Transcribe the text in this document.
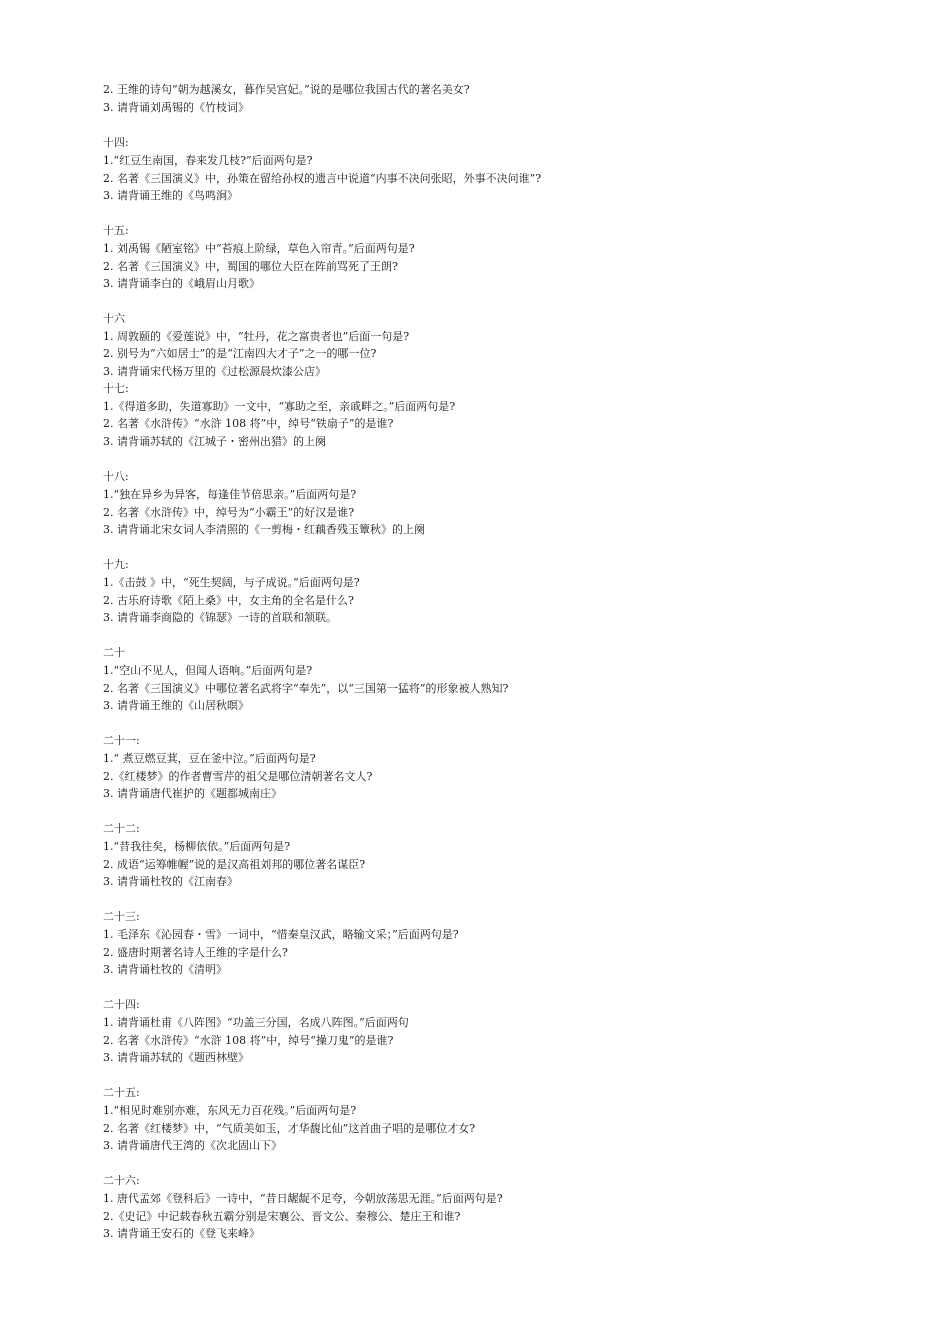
2. 王维的诗句“朝为越溪女，暮作吴宫妃。”说的是哪位我国古代的著名美女?
3. 请背诵刘禹锡的《竹枝词》
十四:
1.“红豆生南国，春来发几枝?”后面两句是?
2. 名著《三国演义》中，孙策在留给孙权的遗言中说道“内事不决问张昭，外事不决问谁”?
3. 请背诵王维的《鸟鸣涧》
十五:
1. 刘禹锡《陋室铭》中“苔痕上阶绿，草色入帘青。”后面两句是?
2. 名著《三国演义》中，蜀国的哪位大臣在阵前骂死了王朗?
3. 请背诵李白的《峨眉山月歌》
十六
1. 周敦颐的《爱莲说》中，“牡丹，花之富贵者也”后面一句是?
2. 别号为“六如居士”的是“江南四大才子”之一的哪一位?
3. 请背诵宋代杨万里的《过松源晨炊漆公店》
十七:
1.《得道多助，失道寡助》一文中，“寡助之至，亲戚畔之。”后面两句是?
2. 名著《水浒传》“水浒 108 将”中，绰号“铁扇子”的是谁?
3. 请背诵苏轼的《江城子・密州出猎》的上阕
十八:
1.“独在异乡为异客，每逢佳节倍思亲。”后面两句是?
2. 名著《水浒传》中，绰号为“小霸王”的好汉是谁?
3. 请背诵北宋女词人李清照的《一剪梅・红藕香残玉簟秋》的上阕
十九:
1.《击鼓 》中，“死生契阔，与子成说。”后面两句是?
2. 古乐府诗歌《陌上桑》中，女主角的全名是什么?
3. 请背诵李商隐的《锦瑟》一诗的首联和颔联。
二十
1.“空山不见人，但闻人语响。”后面两句是?
2. 名著《三国演义》中哪位著名武将字“奉先”，以“三国第一猛将”的形象被人熟知?
3. 请背诵王维的《山居秋暝》
二十一:
1.“ 煮豆燃豆萁，豆在釜中泣。”后面两句是?
2.《红楼梦》的作者曹雪芹的祖父是哪位清朝著名文人?
3. 请背诵唐代崔护的《题都城南庄》
二十二:
1.“昔我往矣，杨柳依依。”后面两句是?
2. 成语“运筹帷幄”说的是汉高祖刘邦的哪位著名谋臣?
3. 请背诵杜牧的《江南春》
二十三:
1. 毛泽东《沁园春・雪》一词中，“惜秦皇汉武，略输文采；”后面两句是?
2. 盛唐时期著名诗人王维的字是什么?
3. 请背诵杜牧的《清明》
二十四:
1. 请背诵杜甫《八阵图》“功盖三分国，名成八阵图。”后面两句
2. 名著《水浒传》“水浒 108 将”中，绰号“操刀鬼”的是谁?
3. 请背诵苏轼的《题西林壁》
二十五:
1.“相见时难别亦难，东风无力百花残。”后面两句是?
2. 名著《红楼梦》中，“气质美如玉，才华馥比仙”这首曲子唱的是哪位才女?
3. 请背诵唐代王湾的《次北固山下》
二十六:
1. 唐代孟郊《登科后》一诗中，“昔日龌龊不足夸，今朝放荡思无涯。”后面两句是?
2.《史记》中记载春秋五霸分别是宋襄公、晋文公、秦穆公、楚庄王和谁?
3. 请背诵王安石的《登飞来峰》
